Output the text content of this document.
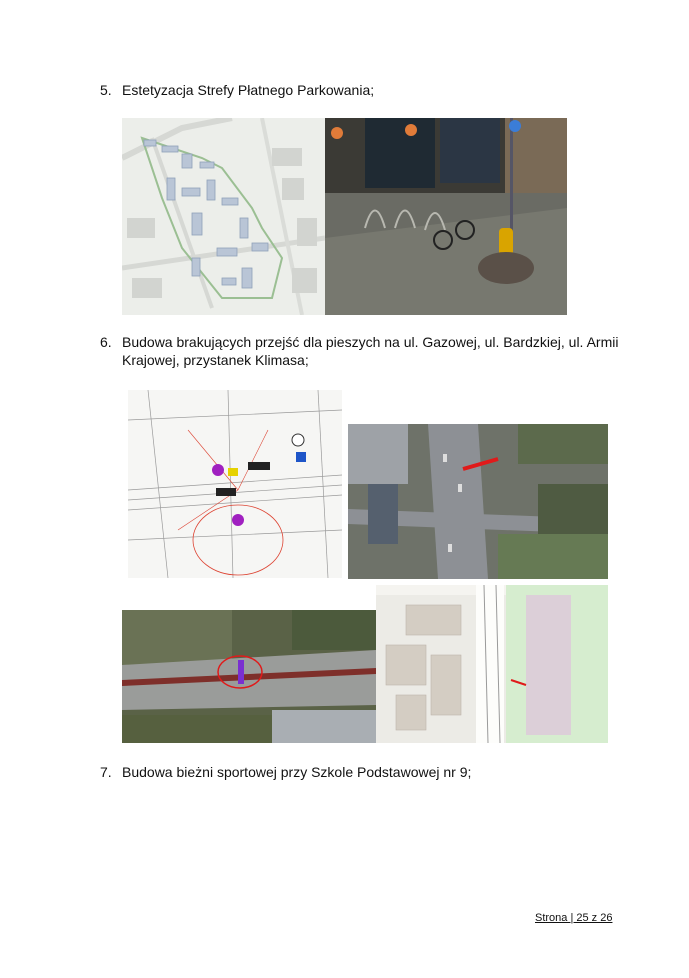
5. Estetyzacja Strefy Płatnego Parkowania;
6. Budowa brakujących przejść dla pieszych na ul. Gazowej, ul. Bardzkiej, ul. Armii Krajowej, przystanek Klimasa;
7. Budowa bieżni sportowej przy Szkole Podstawowej nr 9;
Strona | 25 z 26
